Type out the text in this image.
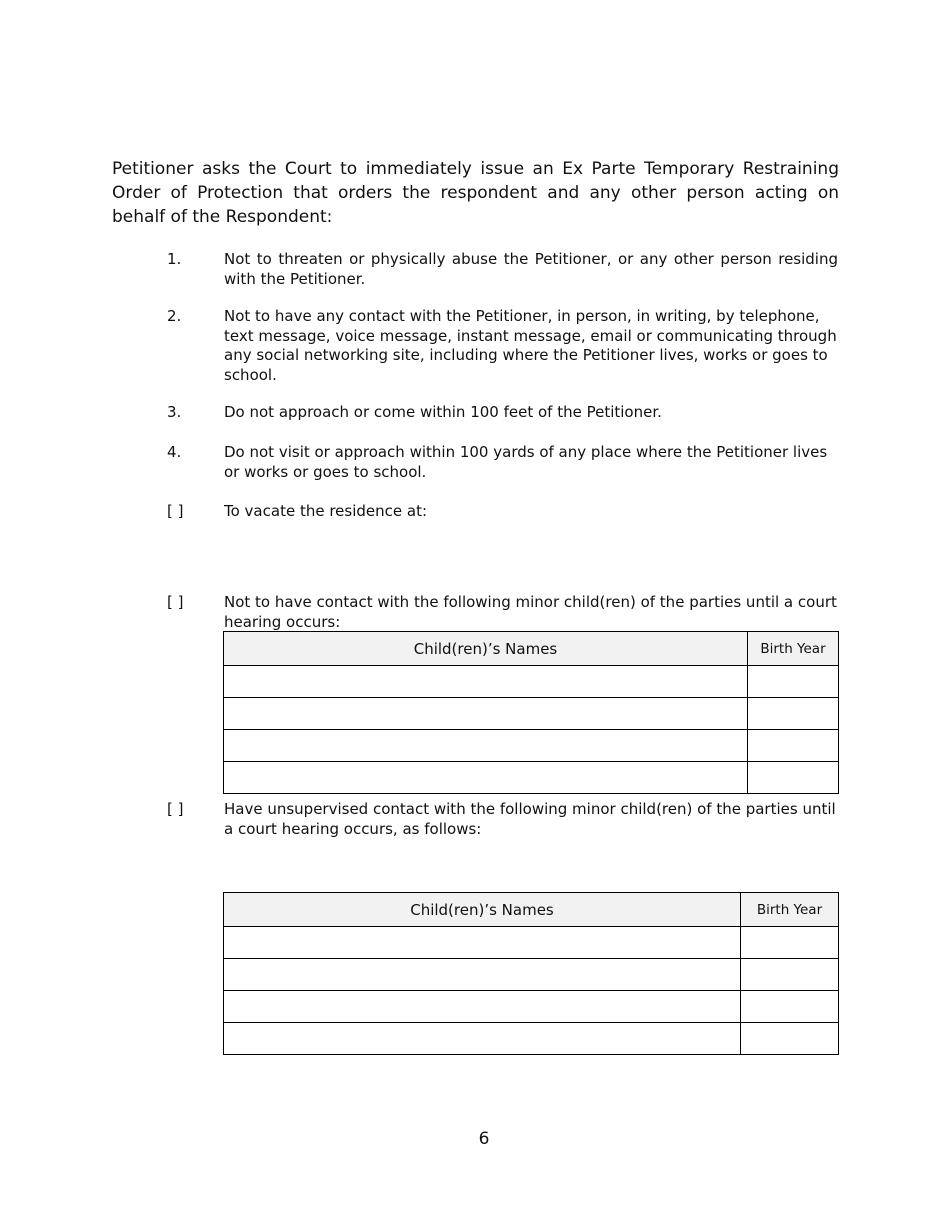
Petitioner asks the Court to immediately issue an Ex Parte Temporary Restraining Order of Protection that orders the respondent and any other person acting on behalf of the Respondent:

1.	Not to threaten or physically abuse the Petitioner, or any other person residing with the Petitioner.

2.	Not to have any contact with the Petitioner, in person, in writing, by telephone, text message, voice message, instant message, email or communicating through any social networking site, including where the Petitioner lives, works or goes to school.

3.	Do not approach or come within 100 feet of the Petitioner.

4.	Do not visit or approach within 100 yards of any place where the Petitioner lives or works or goes to school.

[ ]	To vacate the residence at:

[ ]	Not to have contact with the following minor child(ren) of the parties until a court hearing occurs:

Child(ren)’s Names	Birth Year

[ ]	Have unsupervised contact with the following minor child(ren) of the parties until a court hearing occurs, as follows:

Child(ren)’s Names	Birth Year

6
